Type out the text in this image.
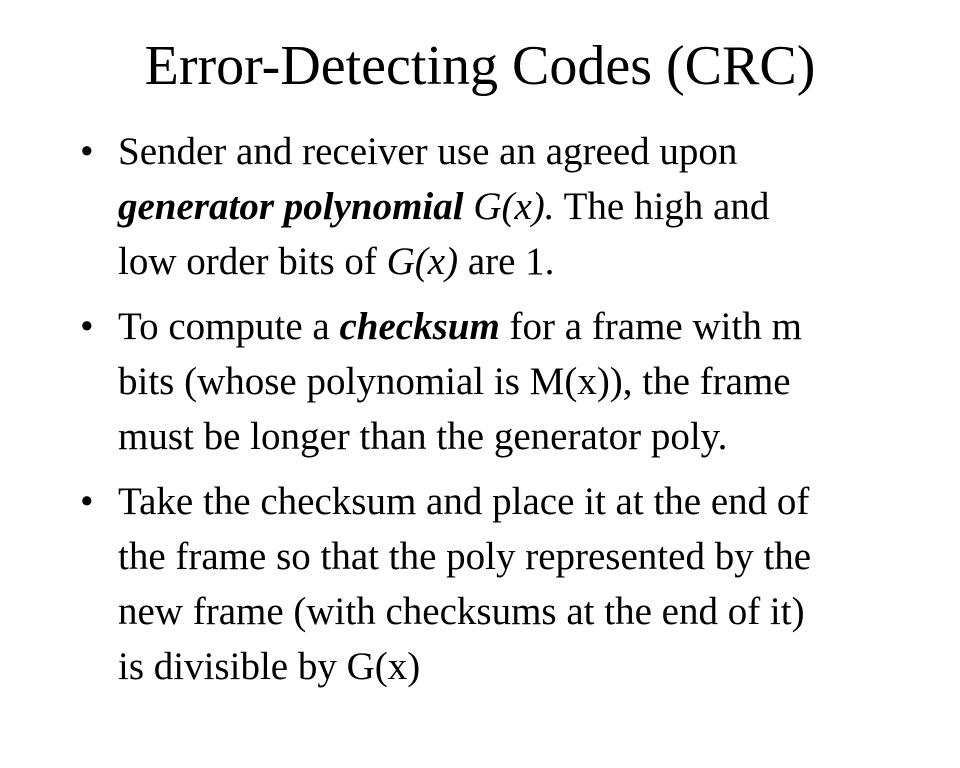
Error-Detecting Codes (CRC)
• Sender and receiver use an agreed upon
generator polynomial G(x). The high and
low order bits of G(x) are 1.
• To compute a checksum for a frame with m
bits (whose polynomial is M(x)), the frame
must be longer than the generator poly.
• Take the checksum and place it at the end of
the frame so that the poly represented by the
new frame (with checksums at the end of it)
is divisible by G(x)
